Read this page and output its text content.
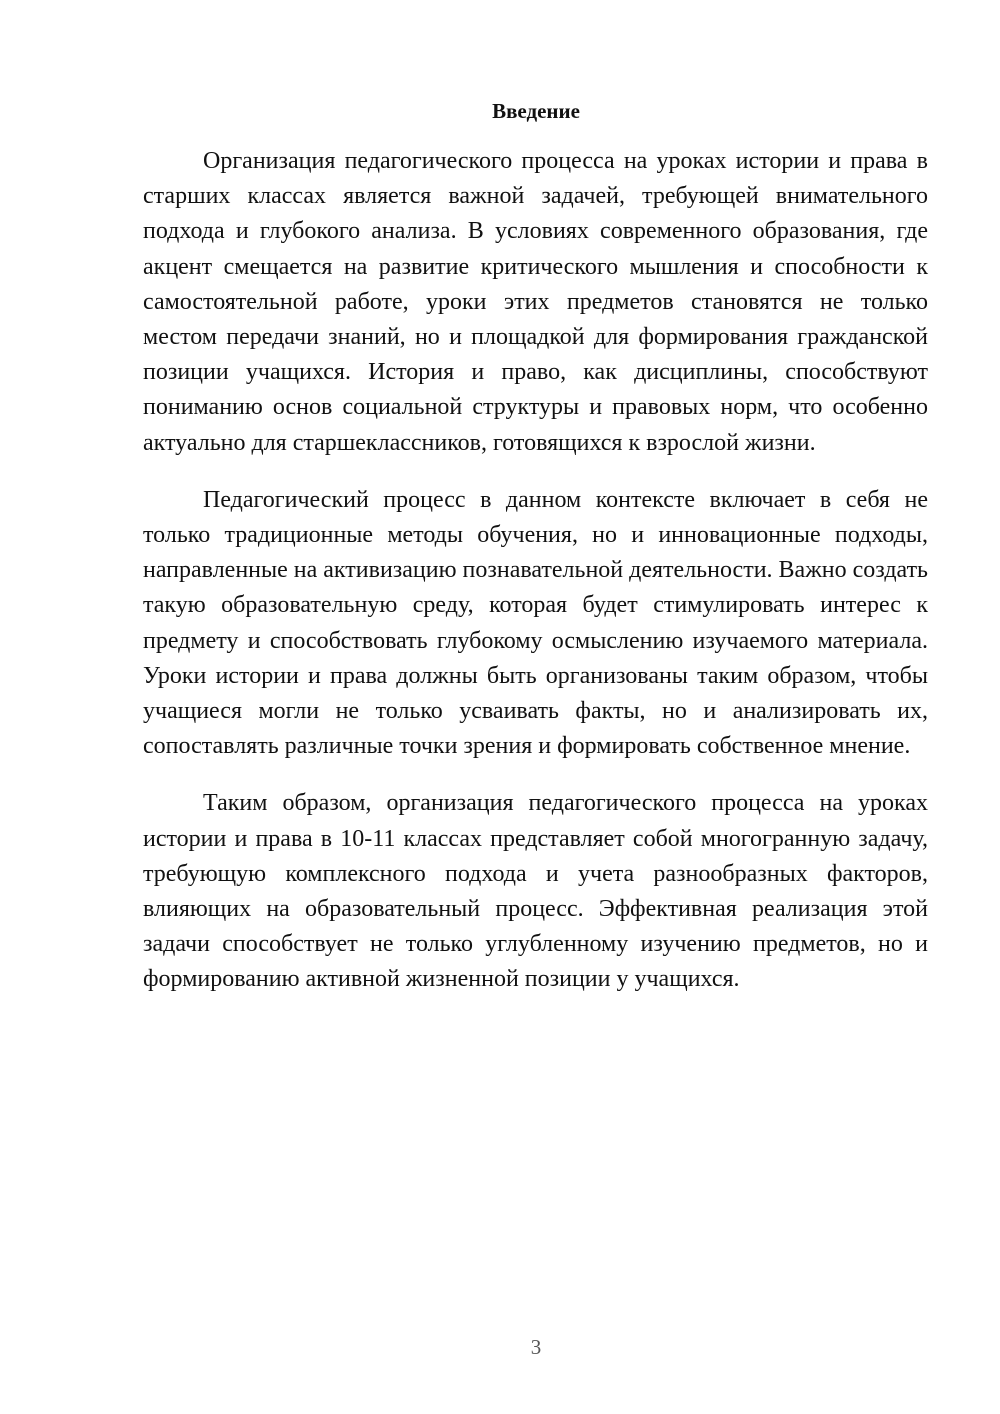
Введение

Организация педагогического процесса на уроках истории и права в старших классах является важной задачей, требующей внимательного подхода и глубокого анализа. В условиях современного образования, где акцент смещается на развитие критического мышления и способности к самостоятельной работе, уроки этих предметов становятся не только местом передачи знаний, но и площадкой для формирования гражданской позиции учащихся. История и право, как дисциплины, способствуют пониманию основ социальной структуры и правовых норм, что особенно актуально для старшеклассников, готовящихся к взрослой жизни.

Педагогический процесс в данном контексте включает в себя не только традиционные методы обучения, но и инновационные подходы, направленные на активизацию познавательной деятельности. Важно создать такую образовательную среду, которая будет стимулировать интерес к предмету и способствовать глубокому осмыслению изучаемого материала. Уроки истории и права должны быть организованы таким образом, чтобы учащиеся могли не только усваивать факты, но и анализировать их, сопоставлять различные точки зрения и формировать собственное мнение.

Таким образом, организация педагогического процесса на уроках истории и права в 10-11 классах представляет собой многогранную задачу, требующую комплексного подхода и учета разнообразных факторов, влияющих на образовательный процесс. Эффективная реализация этой задачи способствует не только углубленному изучению предметов, но и формированию активной жизненной позиции у учащихся.

3
